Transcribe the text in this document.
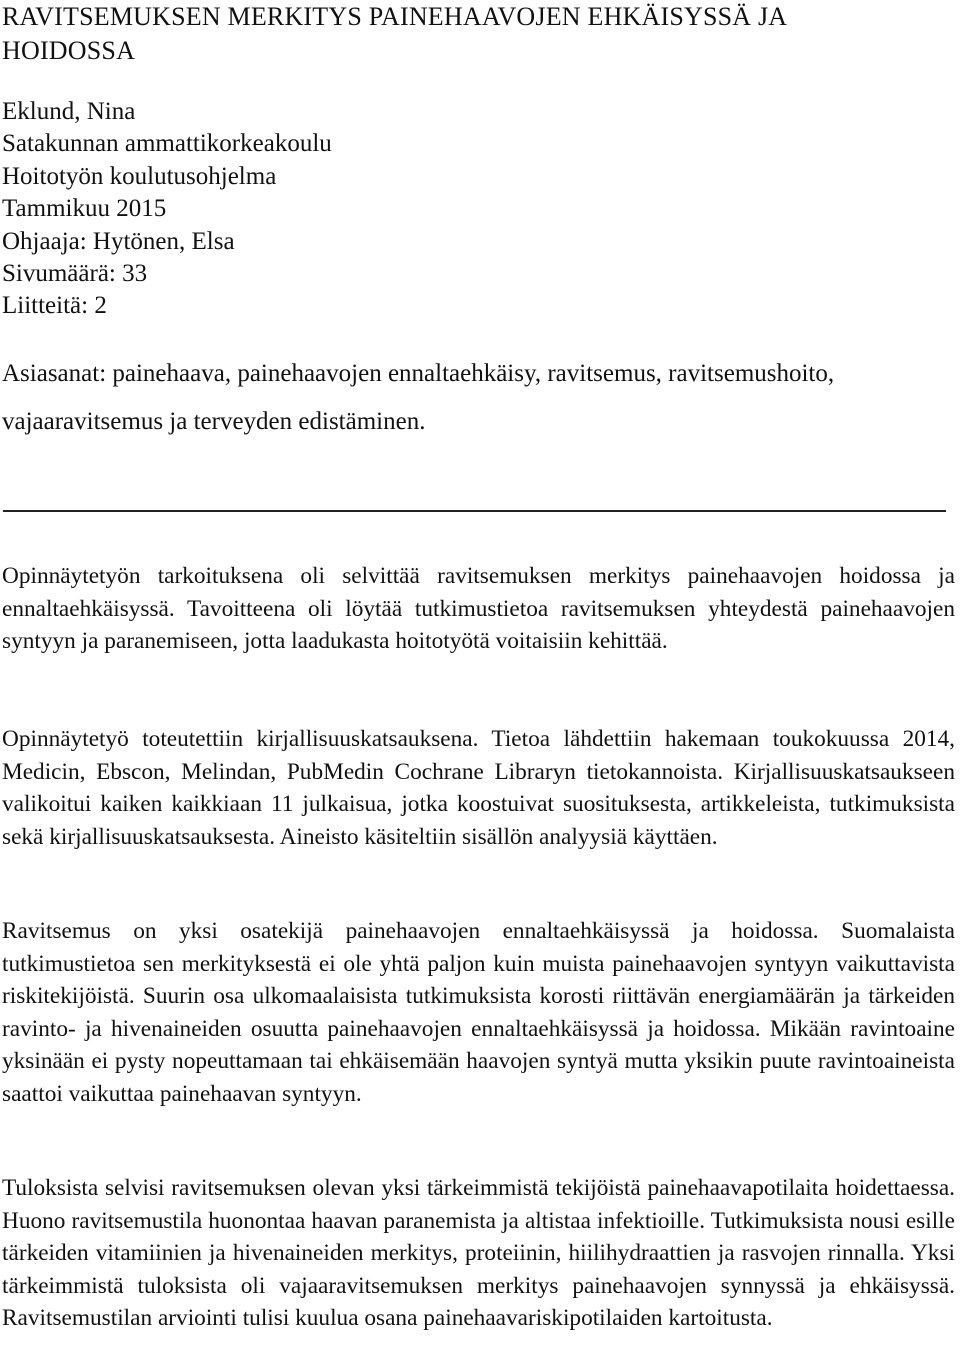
RAVITSEMUKSEN MERKITYS PAINEHAAVOJEN EHKÄISYSSÄ JA HOIDOSSA
Eklund, Nina
Satakunnan ammattikorkeakoulu
Hoitotyön koulutusohjelma
Tammikuu 2015
Ohjaaja: Hytönen, Elsa
Sivumäärä: 33
Liitteitä: 2

Asiasanat: painehaava, painehaavojen ennaltaehkäisy, ravitsemus, ravitsemushoito, vajaaravitsemus ja terveyden edistäminen.

Opinnäytetyön tarkoituksena oli selvittää ravitsemuksen merkitys painehaavojen hoidossa ja ennaltaehkäisyssä. Tavoitteena oli löytää tutkimustietoa ravitsemuksen yhteydestä painehaavojen syntyyn ja paranemiseen, jotta laadukasta hoitotyötä voitaisiin kehittää.

Opinnäytetyö toteutettiin kirjallisuuskatsauksena. Tietoa lähdettiin hakemaan toukokuussa 2014, Medicin, Ebscon, Melindan, PubMedin Cochrane Libraryn tietokannoista. Kirjallisuuskatsaukseen valikoitui kaiken kaikkiaan 11 julkaisua, jotka koostuivat suosituksesta, artikkeleista, tutkimuksista sekä kirjallisuuskatsauksesta. Aineisto käsiteltiin sisällön analyysiä käyttäen.

Ravitsemus on yksi osatekijä painehaavojen ennaltaehkäisyssä ja hoidossa. Suomalaista tutkimustietoa sen merkityksestä ei ole yhtä paljon kuin muista painehaavojen syntyyn vaikuttavista riskitekijöistä. Suurin osa ulkomaalaisista tutkimuksista korosti riittävän energiamäärän ja tärkeiden ravinto- ja hivenaineiden osuutta painehaavojen ennaltaehkäisyssä ja hoidossa. Mikään ravintoaine yksinään ei pysty nopeuttamaan tai ehkäisemään haavojen syntyä mutta yksikin puute ravintoaineista saattoi vaikuttaa painehaavan syntyyn.

Tuloksista selvisi ravitsemuksen olevan yksi tärkeimmistä tekijöistä painehaavapotilaita hoidettaessa. Huono ravitsemustila huonontaa haavan paranemista ja altistaa infektioille. Tutkimuksista nousi esille tärkeiden vitamiinien ja hivenaineiden merkitys, proteiinin, hiilihydraattien ja rasvojen rinnalla. Yksi tärkeimmistä tuloksista oli vajaaravitsemuksen merkitys painehaavojen synnyssä ja ehkäisyssä. Ravitsemustilan arviointi tulisi kuulua osana painehaavariskipotilaiden kartoitusta.
